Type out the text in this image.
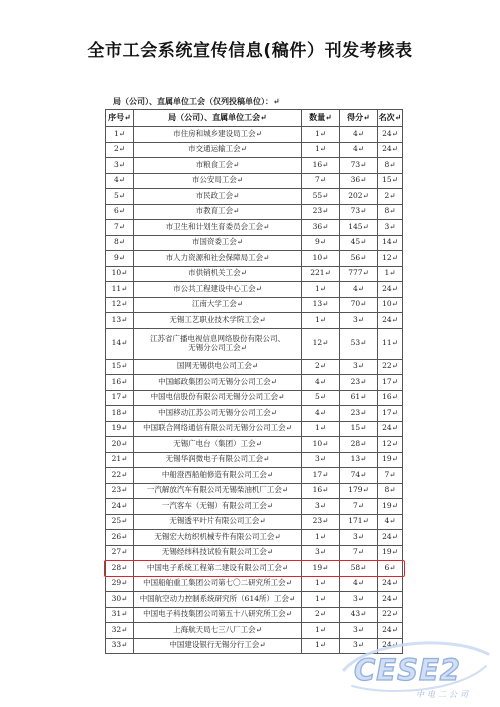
全市工会系统宣传信息(稿件）刊发考核表
局（公司）、直属单位工会（仅列投稿单位）：↵
序号↵	局（公司）、直属单位工会↵	数量↵	得分↵	名次↵
1↵	市住房和城乡建设局工会↵	1↵	4↵	24↵
2↵	市交通运输工会↵	1↵	4↵	24↵
3↵	市粮食工会↵	16↵	73↵	8↵
4↵	市公安局工会↵	7↵	36↵	15↵
5↵	市民政工会↵	55↵	202↵	2↵
6↵	市教育工会↵	23↵	73↵	8↵
7↵	市卫生和计划生育委员会工会↵	36↵	145↵	3↵
8↵	市国资委工会↵	9↵	45↵	14↵
9↵	市人力资源和社会保障局工会↵	10↵	56↵	12↵
10↵	市供销机关工会↵	221↵	777↵	1↵
11↵	市公共工程建设中心工会↵	1↵	4↵	24↵
12↵	江南大学工会↵	13↵	70↵	10↵
13↵	无锡工艺职业技术学院工会↵	1↵	3↵	24↵
14↵	江苏省广播电视信息网络股份有限公司、
无锡分公司工会↵	12↵	53↵	11↵
15↵	国网无锡供电公司工会↵	2↵	3↵	22↵
16↵	中国邮政集团公司无锡分公司工会↵	4↵	23↵	17↵
17↵	中国电信股份有限公司无锡分公司工会↵	5↵	61↵	16↵
18↵	中国移动江苏公司无锡分公司工会↵	4↵	23↵	17↵
19↵	中国联合网络通信有限公司无锡分公司工会↵	1↵	15↵	24↵
20↵	无锡广电台（集团）工会↵	10↵	28↵	12↵
21↵	无锡华润微电子有限公司工会↵	3↵	13↵	19↵
22↵	中船澄西船舶修造有限公司工会↵	17↵	74↵	7↵
23↵	一汽解放汽车有限公司无锡柴油机厂工会↵	16↵	179↵	8↵
24↵	一汽客车（无锡）有限公司工会↵	3↵	7↵	19↵
25↵	无锡透平叶片有限公司工会↵	23↵	171↵	4↵
26↵	无锡宏大纺织机械专件有限公司工会↵	1↵	3↵	24↵
27↵	无锡经纬科技试验有限公司工会↵	3↵	7↵	19↵
28↵	中国电子系统工程第二建设有限公司工会↵	19↵	58↵	6↵
29↵	中国船舶重工集团公司第七〇二研究所工会↵	1↵	4↵	24↵
30↵	中国航空动力控制系统研究所（614所）工会↵	1↵	3↵	24↵
31↵	中国电子科技集团公司第五十八研究所工会↵	2↵	43↵	22↵
32↵	上海航天局七三八厂工会↵	1↵	3↵	24↵
33↵	中国建设银行无锡分行工会↵	1↵	3↵	24↵
CESE2
中电二公司
